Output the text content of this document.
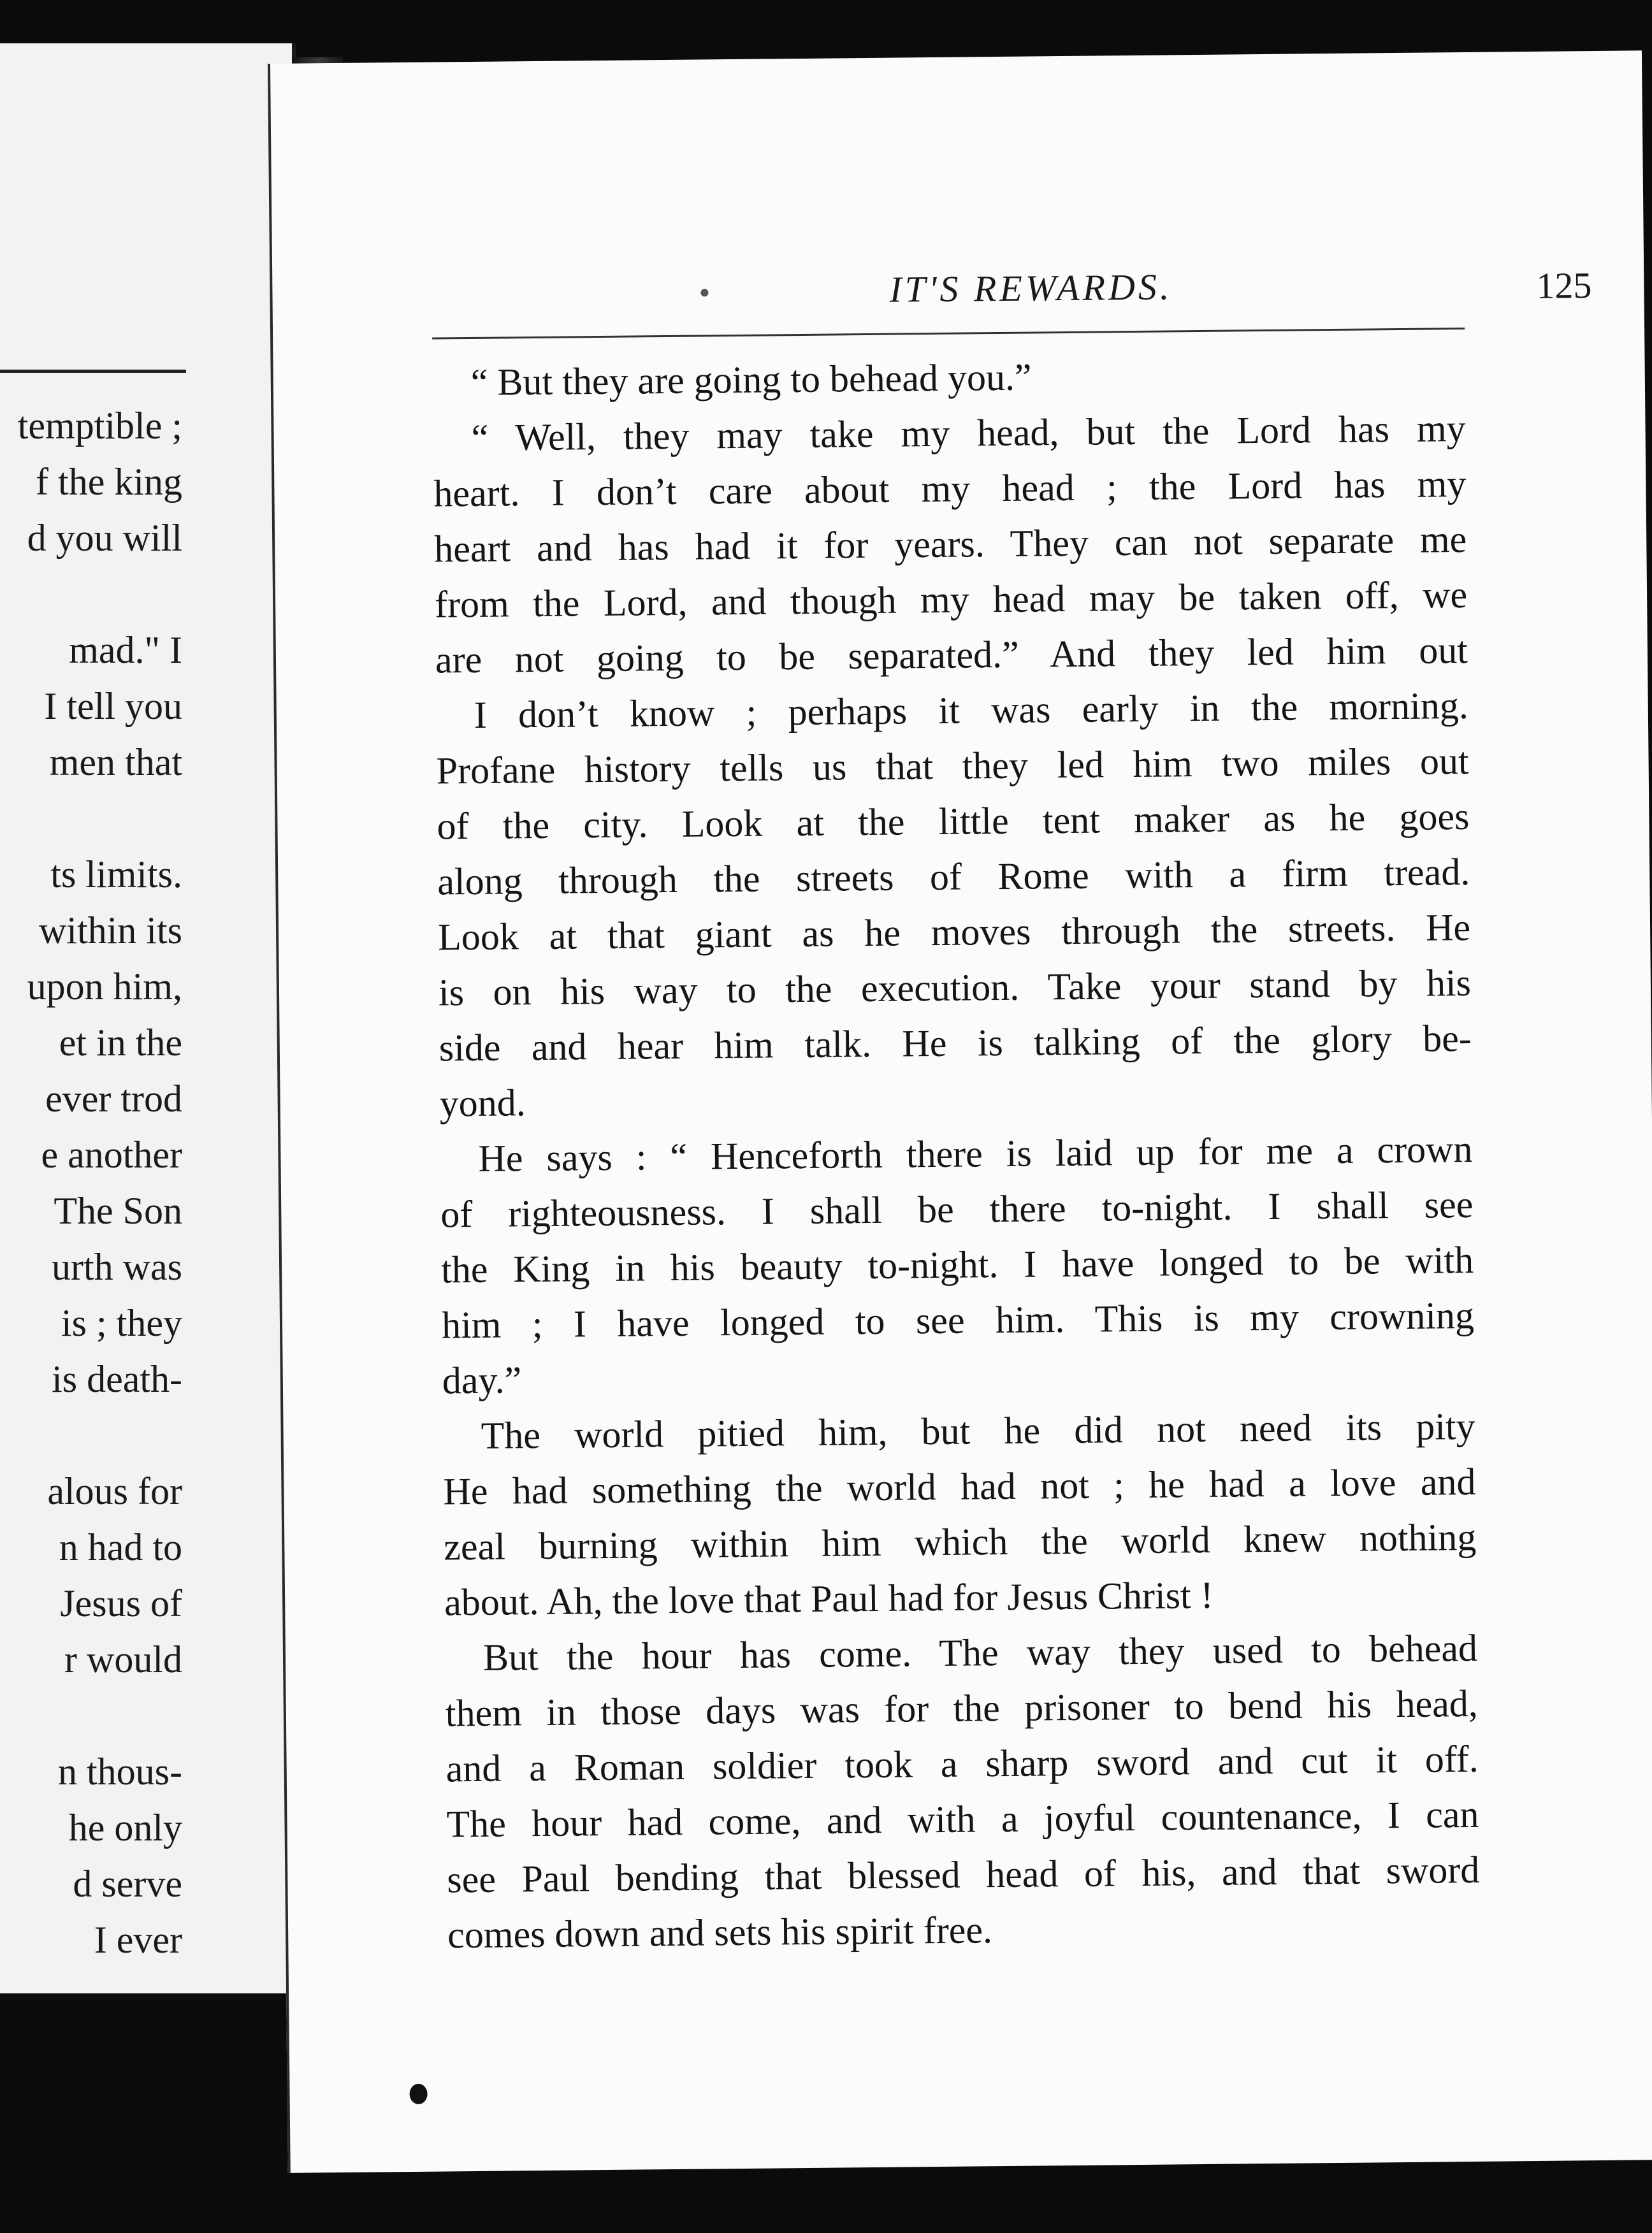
temptible ;
f the king
d you will
mad." I
I tell you
men that
ts limits.
within its
upon him,
et in the
ever trod
e another
The Son
urth was
is ; they
is death-
alous for
n had to
Jesus of
r would
n thous-
he only
d serve
I ever
IT'S REWARDS.	125
“ But they are going to behead you.”
“ Well, they may take my head, but the Lord has my
heart. I don’t care about my head ; the Lord has my
heart and has had it for years. They can not separate me
from the Lord, and though my head may be taken off, we
are not going to be separated.” And they led him out
I don’t know ; perhaps it was early in the morning.
Profane history tells us that they led him two miles out
of the city. Look at the little tent maker as he goes
along through the streets of Rome with a firm tread.
Look at that giant as he moves through the streets. He
is on his way to the execution. Take your stand by his
side and hear him talk. He is talking of the glory be-
yond.
He says : “ Henceforth there is laid up for me a crown
of righteousness. I shall be there to-night. I shall see
the King in his beauty to-night. I have longed to be with
him ; I have longed to see him. This is my crowning
day.”
The world pitied him, but he did not need its pity
He had something the world had not ; he had a love and
zeal burning within him which the world knew nothing
about. Ah, the love that Paul had for Jesus Christ !
But the hour has come. The way they used to behead
them in those days was for the prisoner to bend his head,
and a Roman soldier took a sharp sword and cut it off.
The hour had come, and with a joyful countenance, I can
see Paul bending that blessed head of his, and that sword
comes down and sets his spirit free.
